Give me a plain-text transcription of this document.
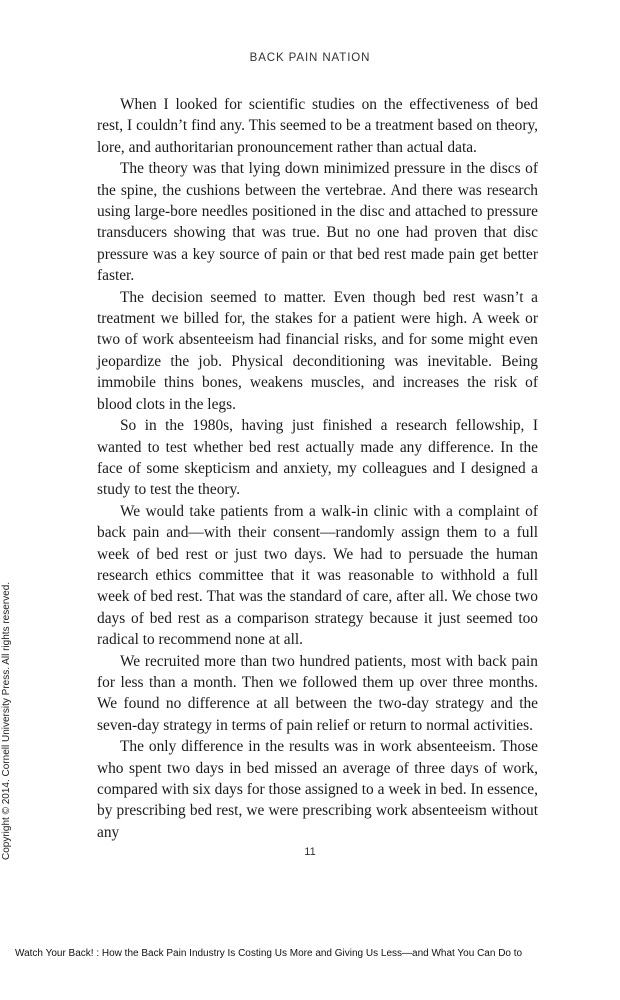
BACK PAIN NATION

When I looked for scientific studies on the effectiveness of bed rest, I couldn’t find any. This seemed to be a treatment based on theory, lore, and authoritarian pronouncement rather than actual data.

The theory was that lying down minimized pressure in the discs of the spine, the cushions between the vertebrae. And there was research using large-bore needles positioned in the disc and attached to pressure transducers showing that was true. But no one had proven that disc pressure was a key source of pain or that bed rest made pain get better faster.

The decision seemed to matter. Even though bed rest wasn’t a treatment we billed for, the stakes for a patient were high. A week or two of work absenteeism had financial risks, and for some might even jeopardize the job. Physical deconditioning was inevitable. Being immobile thins bones, weakens muscles, and increases the risk of blood clots in the legs.

So in the 1980s, having just finished a research fellowship, I wanted to test whether bed rest actually made any difference. In the face of some skepticism and anxiety, my colleagues and I designed a study to test the theory.

We would take patients from a walk-in clinic with a complaint of back pain and—with their consent—randomly assign them to a full week of bed rest or just two days. We had to persuade the human research ethics committee that it was reasonable to withhold a full week of bed rest. That was the standard of care, after all. We chose two days of bed rest as a comparison strategy because it just seemed too radical to recommend none at all.

We recruited more than two hundred patients, most with back pain for less than a month. Then we followed them up over three months. We found no difference at all between the two-day strategy and the seven-day strategy in terms of pain relief or return to normal activities.

The only difference in the results was in work absenteeism. Those who spent two days in bed missed an average of three days of work, compared with six days for those assigned to a week in bed. In essence, by prescribing bed rest, we were prescribing work absenteeism without any

11
Copyright © 2014. Cornell University Press. All rights reserved.
Watch Your Back! : How the Back Pain Industry Is Costing Us More and Giving Us Less—and What You Can Do to
